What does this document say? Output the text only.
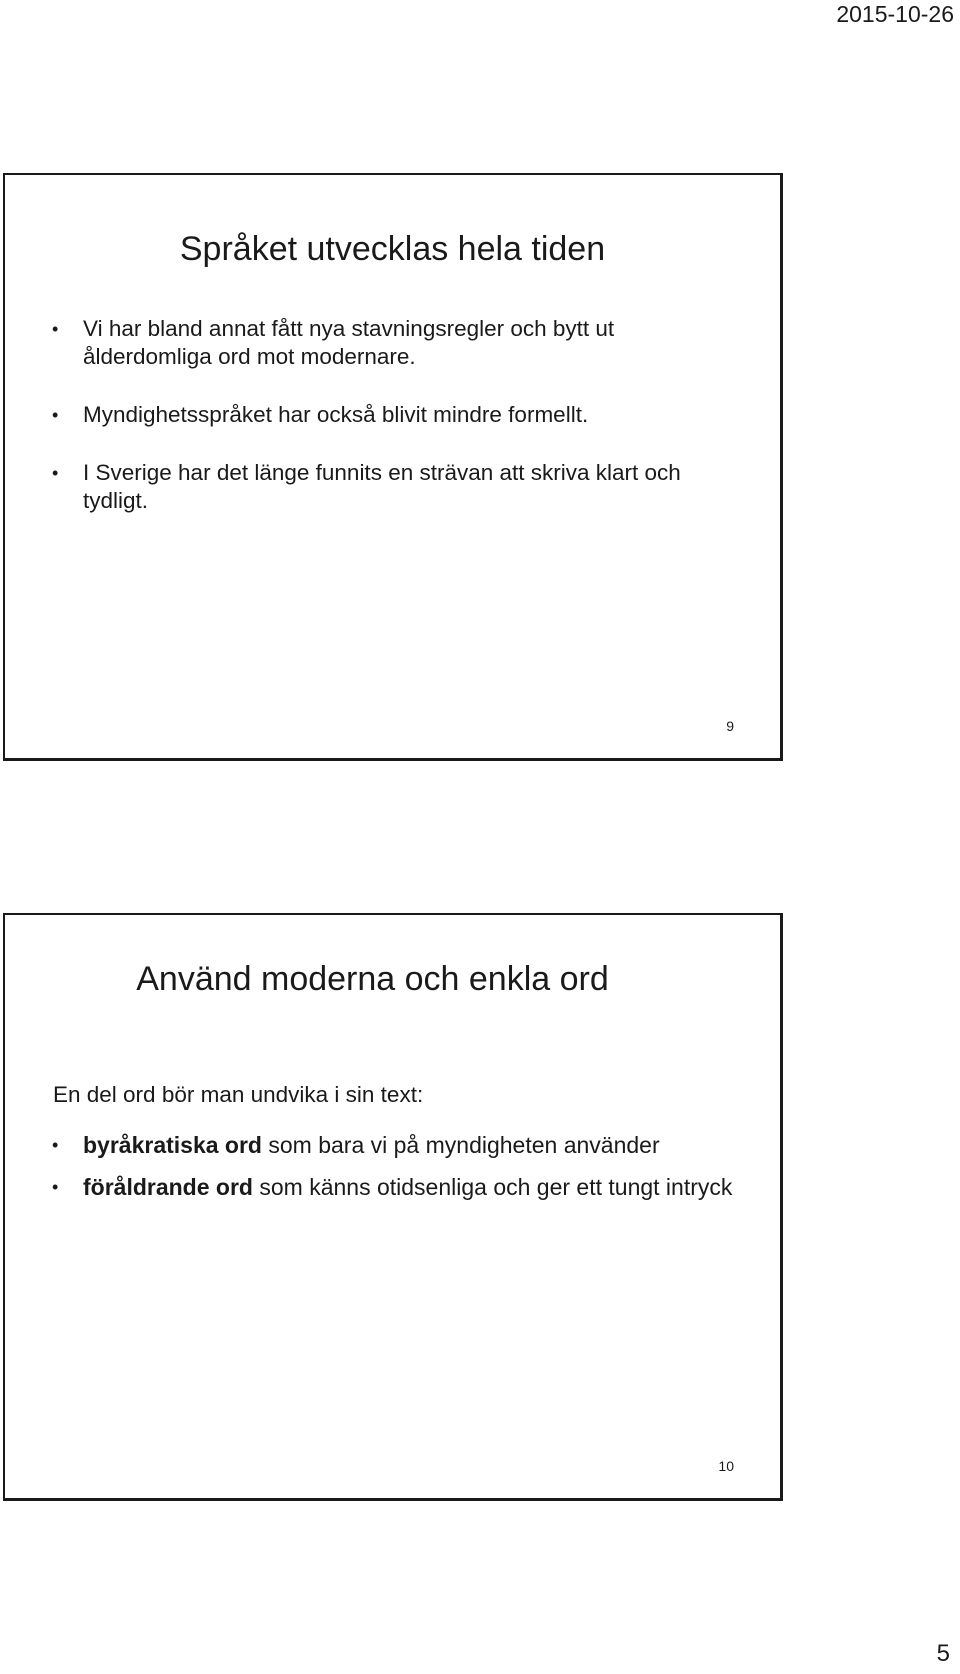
2015-10-26
Språket utvecklas hela tiden
• Vi har bland annat fått nya stavningsregler och bytt ut ålderdomliga ord mot modernare.
• Myndighetsspråket har också blivit mindre formellt.
• I Sverige har det länge funnits en strävan att skriva klart och tydligt.
9
Använd moderna och enkla ord

En del ord bör man undvika i sin text:

• byråkratiska ord som bara vi på myndigheten använder
• föråldrande ord som känns otidsenliga och ger ett tungt intryck
10
5
